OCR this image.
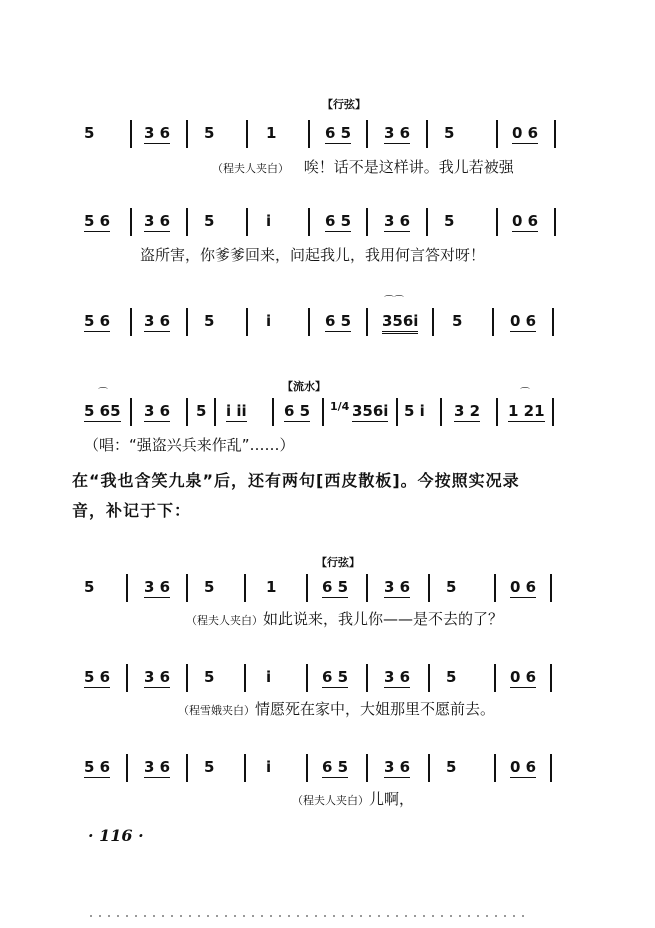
【行弦】
5	3 6 5	1	6 5 3 6 5	0 6
（程夫人夹白） 唉！话不是这样讲。我儿若被强
5 6 3 6 5	i	6 5 3 6 5	0 6
盗所害，你爹爹回来，问起我儿，我用何言答对呀！
5 6 3 6 5	i	6 5
⌒⌒
356i 5	0 6
【流水】
⌒
5 65 3 6 5 i ii 6 5 1/4 356i 5 i 3 2
⌒
1 21
（唱：“强盗兴兵来作乱”……）
在“我也含笑九泉”后，还有两句[西皮散板]。今按照实况录
音，补记于下：
【行弦】
5	3 6 5	1	6 5 3 6 5	0 6
（程夫人夹白）如此说来，我儿你——是不去的了？
5 6 3 6 5	i	6 5 3 6 5	0 6
（程雪娥夹白）情愿死在家中，大姐那里不愿前去。
5 6 3 6 5	i	6 5 3 6 5	0 6
（程夫人夹白）儿啊，
· 116 ·
